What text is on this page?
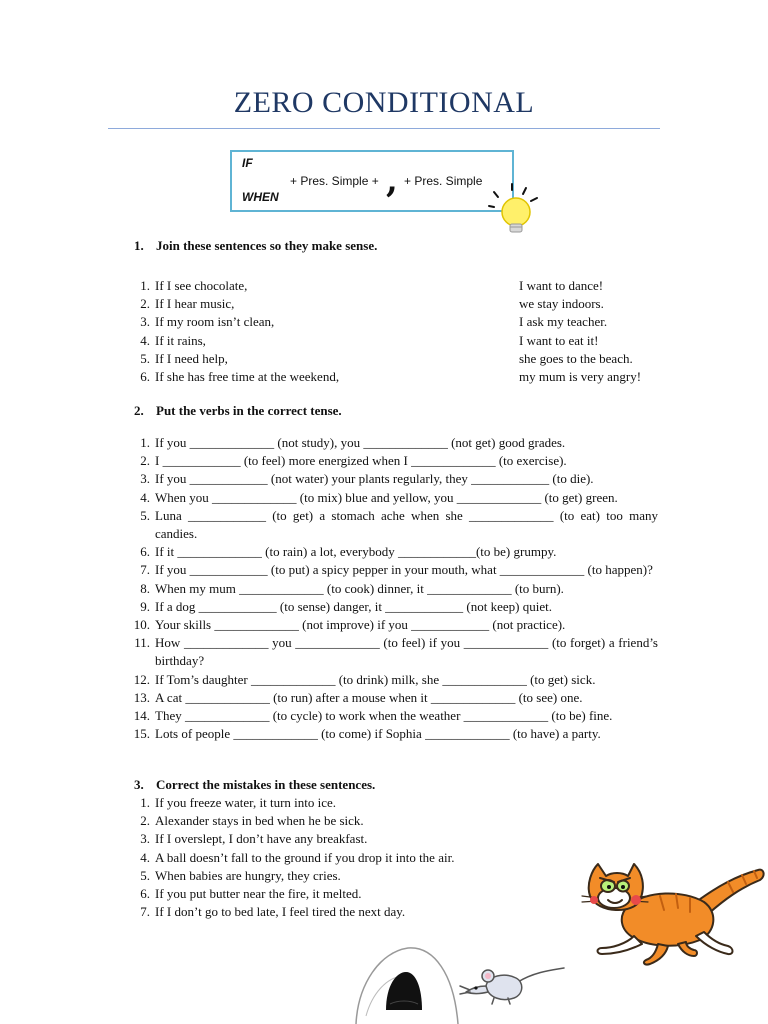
ZERO CONDITIONAL
IF
+ Pres. Simple + , + Pres. Simple
WHEN
1. Join these sentences so they make sense.
1. If I see chocolate,
2. If I hear music,
3. If my room isn’t clean,
4. If it rains,
5. If I need help,
6. If she has free time at the weekend,
I want to dance!
we stay indoors.
I ask my teacher.
I want to eat it!
she goes to the beach.
my mum is very angry!
2. Put the verbs in the correct tense.
1. If you _____________ (not study), you _____________ (not get) good grades.
2. I ____________ (to feel) more energized when I _____________ (to exercise).
3. If you ____________ (not water) your plants regularly, they ____________ (to die).
4. When you _____________ (to mix) blue and yellow, you _____________ (to get) green.
5. Luna ____________ (to get) a stomach ache when she _____________ (to eat) too many candies.
6. If it _____________ (to rain) a lot, everybody ____________(to be) grumpy.
7. If you ____________ (to put) a spicy pepper in your mouth, what _____________ (to happen)?
8. When my mum _____________ (to cook) dinner, it _____________ (to burn).
9. If a dog ____________ (to sense) danger, it ____________ (not keep) quiet.
10. Your skills _____________ (not improve) if you ____________ (not practice).
11. How _____________ you _____________ (to feel) if you _____________ (to forget) a friend’s birthday?
12. If Tom’s daughter _____________ (to drink) milk, she _____________ (to get) sick.
13. A cat _____________ (to run) after a mouse when it _____________ (to see) one.
14. They _____________ (to cycle) to work when the weather _____________ (to be) fine.
15. Lots of people _____________ (to come) if Sophia _____________ (to have) a party.
3. Correct the mistakes in these sentences.
1. If you freeze water, it turn into ice.
2. Alexander stays in bed when he be sick.
3. If I overslept, I don’t have any breakfast.
4. A ball doesn’t fall to the ground if you drop it into the air.
5. When babies are hungry, they cries.
6. If you put butter near the fire, it melted.
7. If I don’t go to bed late, I feel tired the next day.
